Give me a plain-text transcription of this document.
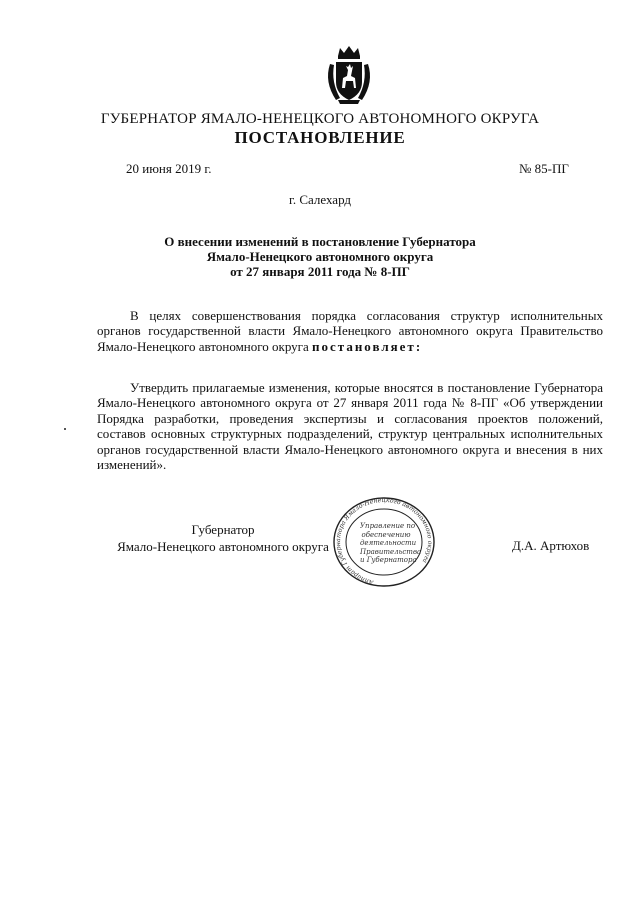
ГУБЕРНАТОР ЯМАЛО-НЕНЕЦКОГО АВТОНОМНОГО ОКРУГА
ПОСТАНОВЛЕНИЕ
20 июня 2019 г.	№ 85-ПГ
г. Салехард
О внесении изменений в постановление Губернатора
Ямало-Ненецкого автономного округа
от 27 января 2011 года № 8-ПГ

В целях совершенствования порядка согласования структур исполнительных органов государственной власти Ямало-Ненецкого автономного округа Правительство Ямало-Ненецкого автономного округа постановляет:

Утвердить прилагаемые изменения, которые вносятся в постановление Губернатора Ямало-Ненецкого автономного округа от 27 января 2011 года № 8-ПГ «Об утверждении Порядка разработки, проведения экспертизы и согласования проектов положений, составов основных структурных подразделений, структур центральных исполнительных органов государственной власти Ямало-Ненецкого автономного округа и внесения в них изменений».

Губернатор
Ямало-Ненецкого автономного округа	Д.А. Артюхов
Аппарат Губернатора Ямало-Ненецкого автономного округа
Управление по
обеспечению
деятельности
Правительства
и Губернатора
